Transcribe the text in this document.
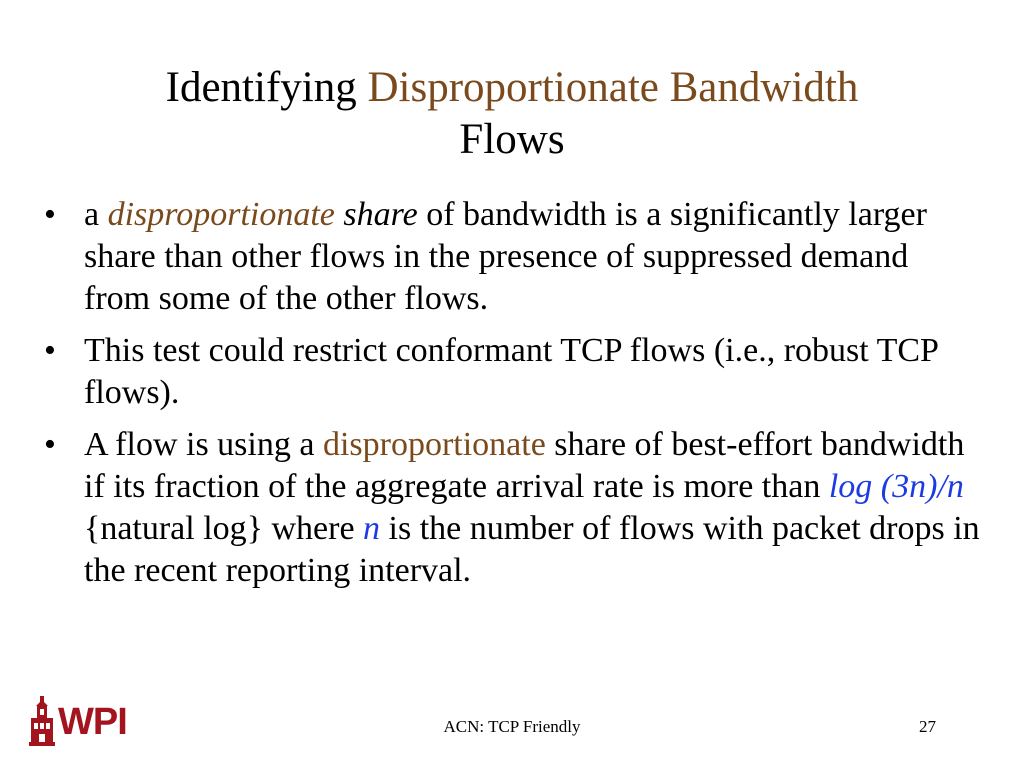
Identifying Disproportionate Bandwidth
Flows
• a disproportionate share of bandwidth is a significantly larger share than other flows in the presence of suppressed demand from some of the other flows.
• This test could restrict conformant TCP flows (i.e., robust TCP flows).
• A flow is using a disproportionate share of best-effort bandwidth if its fraction of the aggregate arrival rate is more than log (3n)/n {natural log} where n is the number of flows with packet drops in the recent reporting interval.
WPI	ACN: TCP Friendly	27
